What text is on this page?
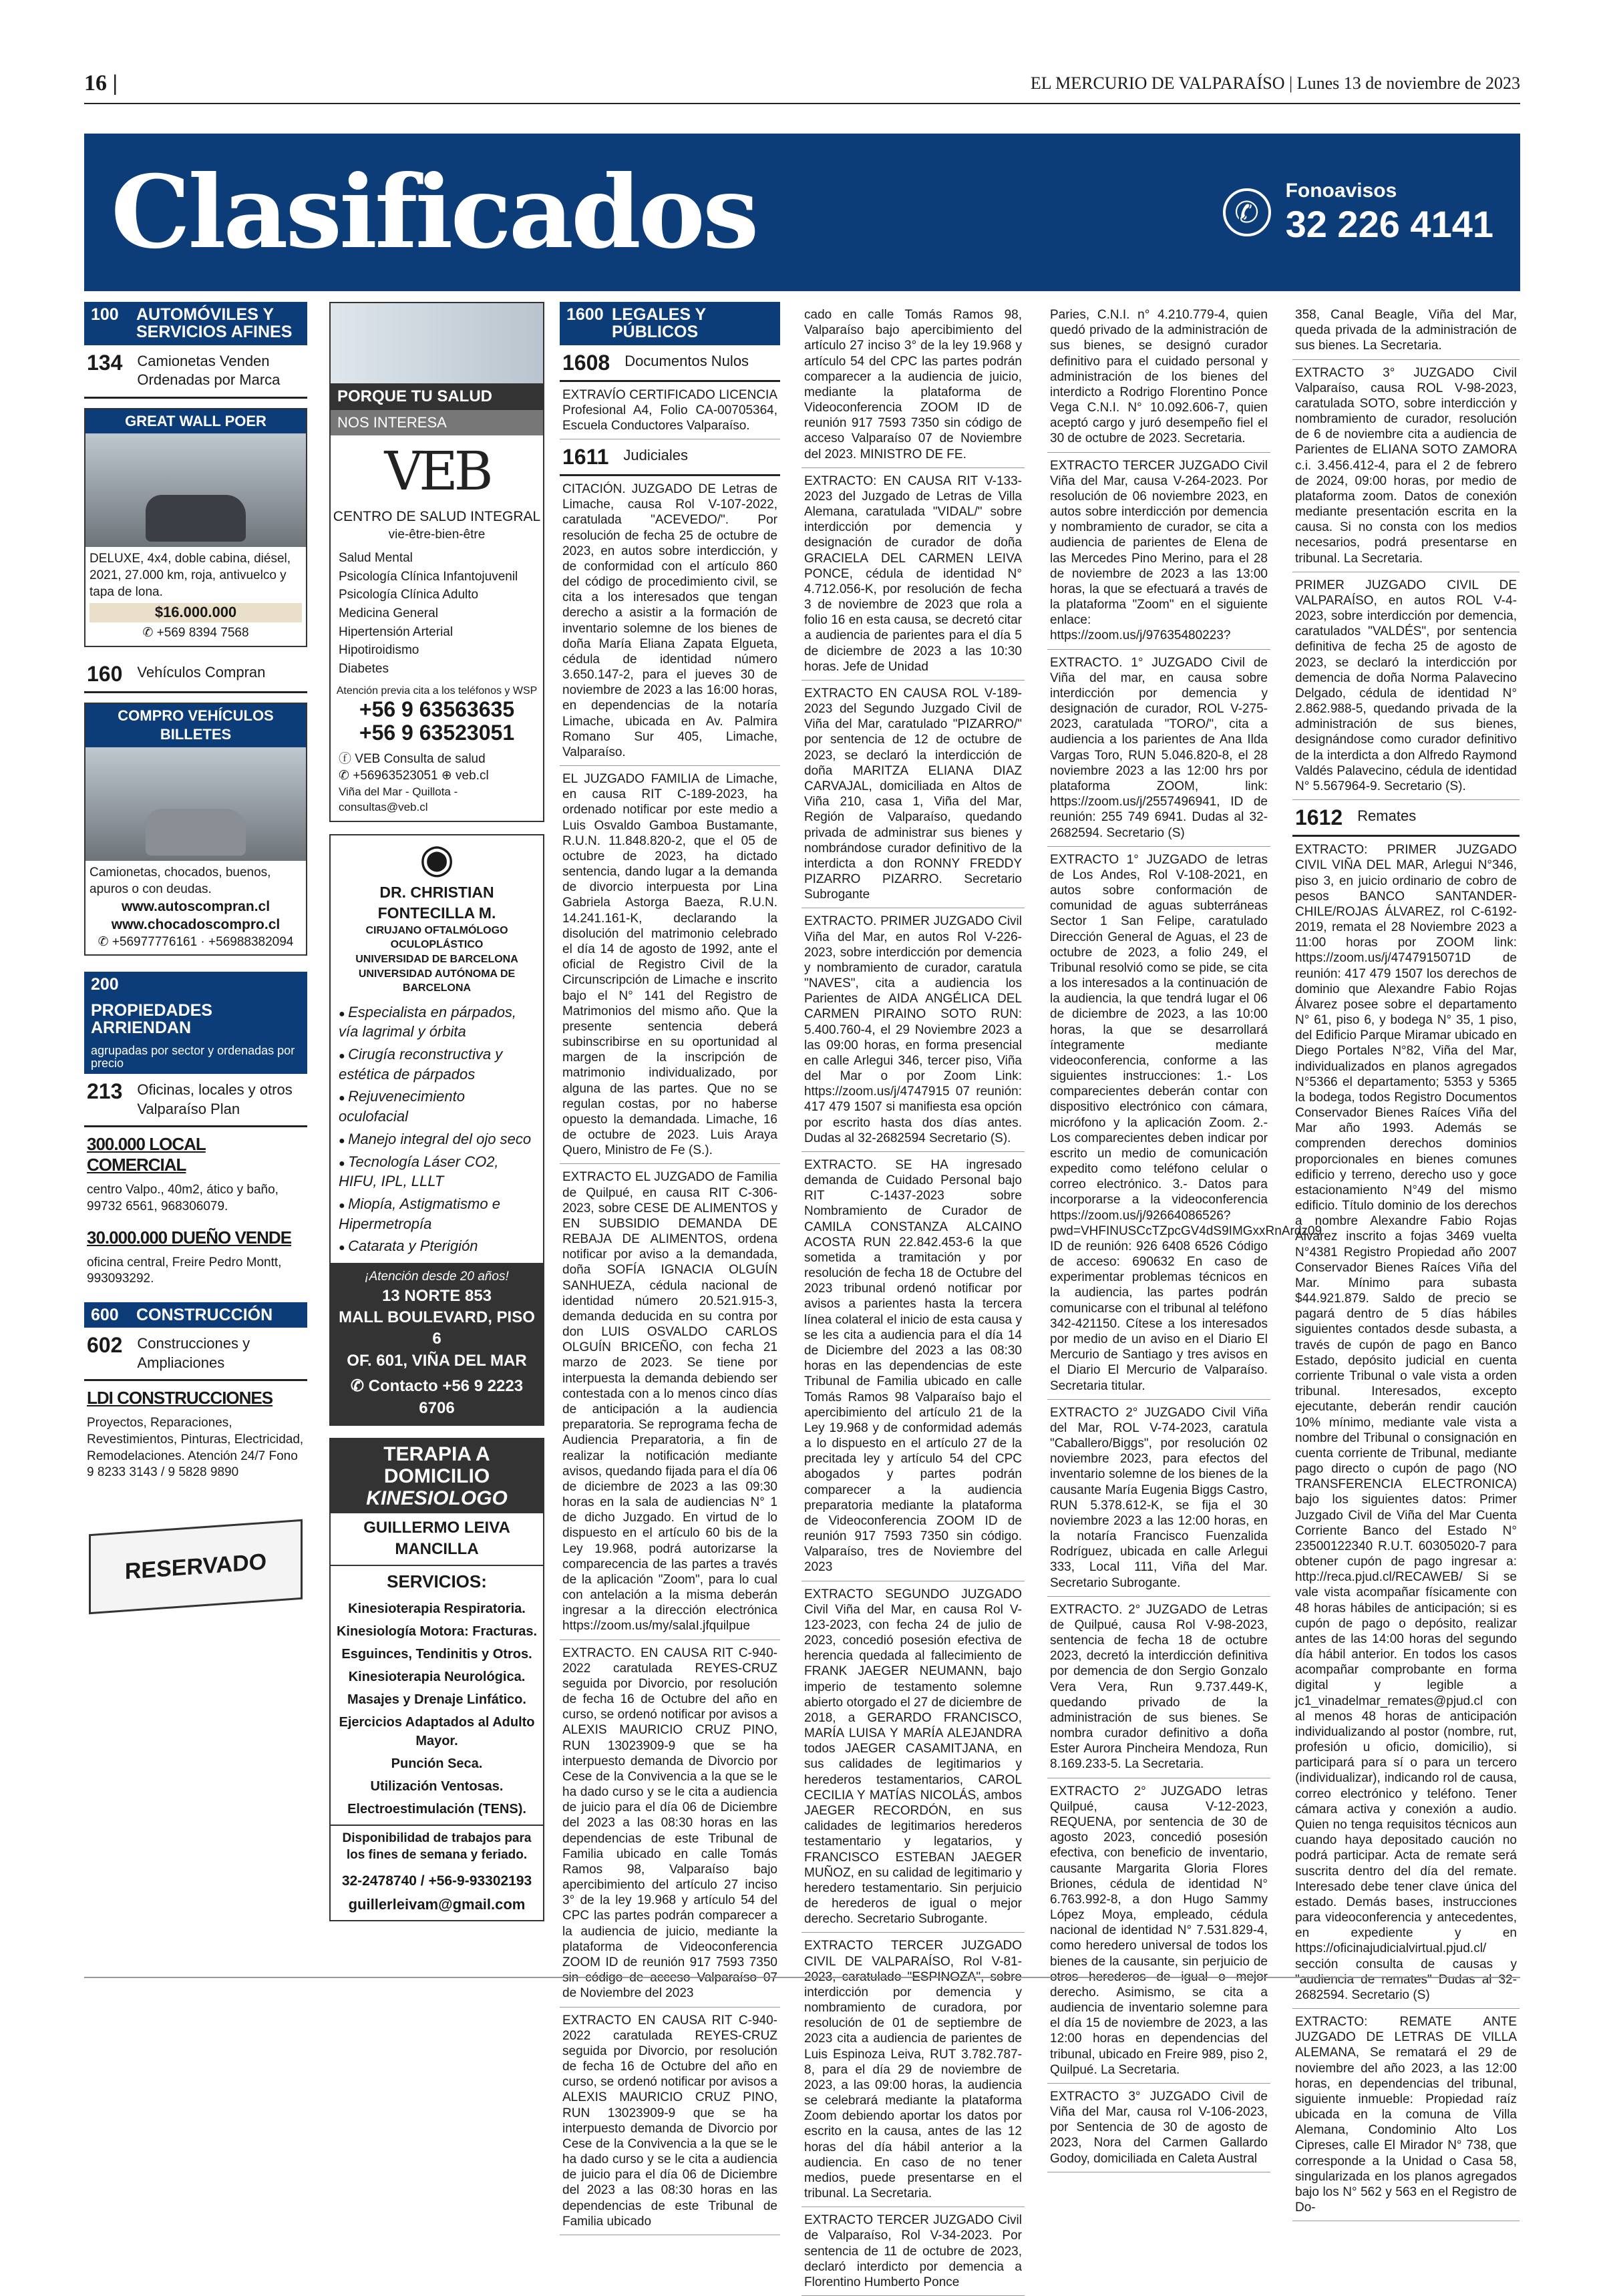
16 |	EL MERCURIO DE VALPARAÍSO | Lunes 13 de noviembre de 2023
Clasificados	✆
Fonoavisos
32 226 4141
100	AUTOMÓVILES Y SERVICIOS AFINES
134 Camionetas Venden Ordenadas por Marca
GREAT WALL POER
DELUXE, 4x4, doble cabina, diésel, 2021, 27.000 km, roja, antivuelco y tapa de lona.
$16.000.000
✆ +569 8394 7568
160 Vehículos Compran
COMPRO VEHÍCULOS BILLETES
Camionetas, chocados, buenos, apuros o con deudas.
www.autoscompran.cl
www.chocadoscompro.cl
✆ +56977776161 · +56988382094
200
PROPIEDADES ARRIENDAN
agrupadas por sector y ordenadas por precio
213 Oficinas, locales y otros Valparaíso Plan
300.000 LOCAL COMERCIAL
centro Valpo., 40m2, ático y baño, 99732 6561, 968306079.
30.000.000 DUEÑO VENDE
oficina central, Freire Pedro Montt, 993093292.
600	CONSTRUCCIÓN
602 Construcciones y Ampliaciones
LDI CONSTRUCCIONES
Proyectos, Reparaciones, Revestimientos, Pinturas, Electricidad, Remodelaciones. Atención 24/7 Fono 9 8233 3143 / 9 5828 9890
RESERVADO
PORQUE TU SALUD
NOS INTERESA
VEB
CENTRO DE SALUD INTEGRAL
vie-être-bien-être
Salud Mental
Psicología Clínica Infantojuvenil
Psicología Clínica Adulto
Medicina General
Hipertensión Arterial
Hipotiroidismo
Diabetes
Atención previa cita a los teléfonos y WSP
+56 9 63563635
+56 9 63523051
ⓕ VEB Consulta de salud
✆ +56963523051 ⊕ veb.cl
Viña del Mar - Quillota - consultas@veb.cl
◉
DR. CHRISTIAN FONTECILLA M.
CIRUJANO OFTALMÓLOGO OCULOPLÁSTICO
UNIVERSIDAD DE BARCELONA
UNIVERSIDAD AUTÓNOMA DE BARCELONA
● Especialista en párpados, vía lagrimal y órbita
● Cirugía reconstructiva y estética de párpados
● Rejuvenecimiento oculofacial
● Manejo integral del ojo seco
● Tecnología Láser CO2, HIFU, IPL, LLLT
● Miopía, Astigmatismo e Hipermetropía
● Catarata y Pterigión
¡Atención desde 20 años!
13 NORTE 853
MALL BOULEVARD, PISO 6
OF. 601, VIÑA DEL MAR
✆ Contacto +56 9 2223 6706
TERAPIA A DOMICILIO
KINESIOLOGO
GUILLERMO LEIVA MANCILLA
SERVICIOS:
Kinesioterapia Respiratoria.
Kinesiología Motora: Fracturas.
Esguinces, Tendinitis y Otros.
Kinesioterapia Neurológica.
Masajes y Drenaje Linfático.
Ejercicios Adaptados al Adulto Mayor.
Punción Seca.
Utilización Ventosas.
Electroestimulación (TENS).
Disponibilidad de trabajos para los fines de semana y feriado.
32-2478740 / +56-9-93302193
guillerleivam@gmail.com
1600 LEGALES Y PÚBLICOS
1608 Documentos Nulos
EXTRAVÍO CERTIFICADO LICENCIA Profesional A4, Folio CA-00705364, Escuela Conductores Valparaíso.
1611 Judiciales
CITACIÓN. JUZGADO DE Letras de Limache, causa Rol V-107-2022, caratulada "ACEVEDO/". Por resolución de fecha 25 de octubre de 2023, en autos sobre interdicción, y de conformidad con el artículo 860 del código de procedimiento civil, se cita a los interesados que tengan derecho a asistir a la formación de inventario solemne de los bienes de doña María Eliana Zapata Elgueta, cédula de identidad número 3.650.147-2, para el jueves 30 de noviembre de 2023 a las 16:00 horas, en dependencias de la notaría Limache, ubicada en Av. Palmira Romano Sur 405, Limache, Valparaíso.
EL JUZGADO FAMILIA de Limache, en causa RIT C-189-2023, ha ordenado notificar por este medio a Luis Osvaldo Gamboa Bustamante, R.U.N. 11.848.820-2, que el 05 de octubre de 2023, ha dictado sentencia, dando lugar a la demanda de divorcio interpuesta por Lina Gabriela Astorga Baeza, R.U.N. 14.241.161-K, declarando la disolución del matrimonio celebrado el día 14 de agosto de 1992, ante el oficial de Registro Civil de la Circunscripción de Limache e inscrito bajo el N° 141 del Registro de Matrimonios del mismo año. Que la presente sentencia deberá subinscribirse en su oportunidad al margen de la inscripción de matrimonio individualizado, por alguna de las partes. Que no se regulan costas, por no haberse opuesto la demandada. Limache, 16 de octubre de 2023. Luis Araya Quero, Ministro de Fe (S.).
EXTRACTO EL JUZGADO de Familia de Quilpué, en causa RIT C-306-2023, sobre CESE DE ALIMENTOS y EN SUBSIDIO DEMANDA DE REBAJA DE ALIMENTOS, ordena notificar por aviso a la demandada, doña SOFÍA IGNACIA OLGUÍN SANHUEZA, cédula nacional de identidad número 20.521.915-3, demanda deducida en su contra por don LUIS OSVALDO CARLOS OLGUÍN BRICEÑO, con fecha 21 marzo de 2023. Se tiene por interpuesta la demanda debiendo ser contestada con a lo menos cinco días de anticipación a la audiencia preparatoria. Se reprograma fecha de Audiencia Preparatoria, a fin de realizar la notificación mediante avisos, quedando fijada para el día 06 de diciembre de 2023 a las 09:30 horas en la sala de audiencias N° 1 de dicho Juzgado. En virtud de lo dispuesto en el artículo 60 bis de la Ley 19.968, podrá autorizarse la comparecencia de las partes a través de la aplicación "Zoom", para lo cual con antelación a la misma deberán ingresar a la dirección electrónica https://zoom.us/my/salaI.jfquilpue
EXTRACTO. EN CAUSA RIT C-940-2022 caratulada REYES-CRUZ seguida por Divorcio, por resolución de fecha 16 de Octubre del año en curso, se ordenó notificar por avisos a ALEXIS MAURICIO CRUZ PINO, RUN 13023909-9 que se ha interpuesto demanda de Divorcio por Cese de la Convivencia a la que se le ha dado curso y se le cita a audiencia de juicio para el día 06 de Diciembre del 2023 a las 08:30 horas en las dependencias de este Tribunal de Familia ubicado en calle Tomás Ramos 98, Valparaíso bajo apercibimiento del artículo 27 inciso 3° de la ley 19.968 y artículo 54 del CPC las partes podrán comparecer a la audiencia de juicio, mediante la plataforma de Videoconferencia ZOOM ID de reunión 917 7593 7350 sin código de acceso Valparaíso 07 de Noviembre del 2023
EXTRACTO EN CAUSA RIT C-940-2022 caratulada REYES-CRUZ seguida por Divorcio, por resolución de fecha 16 de Octubre del año en curso, se ordenó notificar por avisos a ALEXIS MAURICIO CRUZ PINO, RUN 13023909-9 que se ha interpuesto demanda de Divorcio por Cese de la Convivencia a la que se le ha dado curso y se le cita a audiencia de juicio para el día 06 de Diciembre del 2023 a las 08:30 horas en las dependencias de este Tribunal de Familia ubicado
cado en calle Tomás Ramos 98, Valparaíso bajo apercibimiento del artículo 27 inciso 3° de la ley 19.968 y artículo 54 del CPC las partes podrán comparecer a la audiencia de juicio, mediante la plataforma de Videoconferencia ZOOM ID de reunión 917 7593 7350 sin código de acceso Valparaíso 07 de Noviembre del 2023. MINISTRO DE FE.
EXTRACTO: EN CAUSA RIT V-133-2023 del Juzgado de Letras de Villa Alemana, caratulada "VIDAL/" sobre interdicción por demencia y designación de curador de doña GRACIELA DEL CARMEN LEIVA PONCE, cédula de identidad N° 4.712.056-K, por resolución de fecha 3 de noviembre de 2023 que rola a folio 16 en esta causa, se decretó citar a audiencia de parientes para el día 5 de diciembre de 2023 a las 10:30 horas. Jefe de Unidad
EXTRACTO EN CAUSA ROL V-189-2023 del Segundo Juzgado Civil de Viña del Mar, caratulado "PIZARRO/" por sentencia de 12 de octubre de 2023, se declaró la interdicción de doña MARITZA ELIANA DIAZ CARVAJAL, domiciliada en Altos de Viña 210, casa 1, Viña del Mar, Región de Valparaíso, quedando privada de administrar sus bienes y nombrándose curador definitivo de la interdicta a don RONNY FREDDY PIZARRO PIZARRO. Secretario Subrogante
EXTRACTO. PRIMER JUZGADO Civil Viña del Mar, en autos Rol V-226-2023, sobre interdicción por demencia y nombramiento de curador, caratula "NAVES", cita a audiencia los Parientes de AIDA ANGÉLICA DEL CARMEN PIRAINO SOTO RUN: 5.400.760-4, el 29 Noviembre 2023 a las 09:00 horas, en forma presencial en calle Arlegui 346, tercer piso, Viña del Mar o por Zoom Link: https://zoom.us/j/4747915 07 reunión: 417 479 1507 si manifiesta esa opción por escrito hasta dos días antes. Dudas al 32-2682594 Secretario (S).
EXTRACTO. SE HA ingresado demanda de Cuidado Personal bajo RIT C-1437-2023 sobre Nombramiento de Curador de CAMILA CONSTANZA ALCAINO ACOSTA RUN 22.842.453-6 la que sometida a tramitación y por resolución de fecha 18 de Octubre del 2023 tribunal ordenó notificar por avisos a parientes hasta la tercera línea colateral el inicio de esta causa y se les cita a audiencia para el día 14 de Diciembre del 2023 a las 08:30 horas en las dependencias de este Tribunal de Familia ubicado en calle Tomás Ramos 98 Valparaíso bajo el apercibimiento del artículo 21 de la Ley 19.968 y de conformidad además a lo dispuesto en el artículo 27 de la precitada ley y artículo 54 del CPC abogados y partes podrán comparecer a la audiencia preparatoria mediante la plataforma de Videoconferencia ZOOM ID de reunión 917 7593 7350 sin código. Valparaíso, tres de Noviembre del 2023
EXTRACTO SEGUNDO JUZGADO Civil Viña del Mar, en causa Rol V-123-2023, con fecha 24 de julio de 2023, concedió posesión efectiva de herencia quedada al fallecimiento de FRANK JAEGER NEUMANN, bajo imperio de testamento solemne abierto otorgado el 27 de diciembre de 2018, a GERARDO FRANCISCO, MARÍA LUISA Y MARÍA ALEJANDRA todos JAEGER CASAMITJANA, en sus calidades de legitimarios y herederos testamentarios, CAROL CECILIA Y MATÍAS NICOLÁS, ambos JAEGER RECORDÓN, en sus calidades de legitimarios herederos testamentario y legatarios, y FRANCISCO ESTEBAN JAEGER MUÑOZ, en su calidad de legitimario y heredero testamentario. Sin perjuicio de herederos de igual o mejor derecho. Secretario Subrogante.
EXTRACTO TERCER JUZGADO CIVIL DE VALPARAÍSO, Rol V-81-2023, caratulado "ESPINOZA", sobre interdicción por demencia y nombramiento de curadora, por resolución de 01 de septiembre de 2023 cita a audiencia de parientes de Luis Espinoza Leiva, RUT 3.782.787-8, para el día 29 de noviembre de 2023, a las 09:00 horas, la audiencia se celebrará mediante la plataforma Zoom debiendo aportar los datos por escrito en la causa, antes de las 12 horas del día hábil anterior a la audiencia. En caso de no tener medios, puede presentarse en el tribunal. La Secretaria.
EXTRACTO TERCER JUZGADO Civil de Valparaíso, Rol V-34-2023. Por sentencia de 11 de octubre de 2023, declaró interdicto por demencia a Florentino Humberto Ponce
Paries, C.N.I. n° 4.210.779-4, quien quedó privado de la administración de sus bienes, se designó curador definitivo para el cuidado personal y administración de los bienes del interdicto a Rodrigo Florentino Ponce Vega C.N.I. N° 10.092.606-7, quien aceptó cargo y juró desempeño fiel el 30 de octubre de 2023. Secretaria.
EXTRACTO TERCER JUZGADO Civil Viña del Mar, causa V-264-2023. Por resolución de 06 noviembre 2023, en autos sobre interdicción por demencia y nombramiento de curador, se cita a audiencia de parientes de Elena de las Mercedes Pino Merino, para el 28 de noviembre de 2023 a las 13:00 horas, la que se efectuará a través de la plataforma "Zoom" en el siguiente enlace: https://zoom.us/j/97635480223?
EXTRACTO. 1° JUZGADO Civil de Viña del mar, en causa sobre interdicción por demencia y designación de curador, ROL V-275-2023, caratulada "TORO/", cita a audiencia a los parientes de Ana Ilda Vargas Toro, RUN 5.046.820-8, el 28 noviembre 2023 a las 12:00 hrs por plataforma ZOOM, link: https://zoom.us/j/2557496941, ID de reunión: 255 749 6941. Dudas al 32-2682594. Secretario (S)
EXTRACTO 1° JUZGADO de letras de Los Andes, Rol V-108-2021, en autos sobre conformación de comunidad de aguas subterráneas Sector 1 San Felipe, caratulado Dirección General de Aguas, el 23 de octubre de 2023, a folio 249, el Tribunal resolvió como se pide, se cita a los interesados a la continuación de la audiencia, la que tendrá lugar el 06 de diciembre de 2023, a las 10:00 horas, la que se desarrollará íntegramente mediante videoconferencia, conforme a las siguientes instrucciones: 1.- Los comparecientes deberán contar con dispositivo electrónico con cámara, micrófono y la aplicación Zoom. 2.- Los comparecientes deben indicar por escrito un medio de comunicación expedito como teléfono celular o correo electrónico. 3.- Datos para incorporarse a la videoconferencia https://zoom.us/j/92664086526?pwd=VHFINUSCcTZpcGV4dS9IMGxxRnArdz09 ID de reunión: 926 6408 6526 Código de acceso: 690632 En caso de experimentar problemas técnicos en la audiencia, las partes podrán comunicarse con el tribunal al teléfono 342-421150. Cítese a los interesados por medio de un aviso en el Diario El Mercurio de Santiago y tres avisos en el Diario El Mercurio de Valparaíso. Secretaria titular.
EXTRACTO 2° JUZGADO Civil Viña del Mar, ROL V-74-2023, caratula "Caballero/Biggs", por resolución 02 noviembre 2023, para efectos del inventario solemne de los bienes de la causante María Eugenia Biggs Castro, RUN 5.378.612-K, se fija el 30 noviembre 2023 a las 12:00 horas, en la notaría Francisco Fuenzalida Rodríguez, ubicada en calle Arlegui 333, Local 111, Viña del Mar. Secretario Subrogante.
EXTRACTO. 2° JUZGADO de Letras de Quilpué, causa Rol V-98-2023, sentencia de fecha 18 de octubre 2023, decretó la interdicción definitiva por demencia de don Sergio Gonzalo Vera Vera, Run 9.737.449-K, quedando privado de la administración de sus bienes. Se nombra curador definitivo a doña Ester Aurora Pincheira Mendoza, Run 8.169.233-5. La Secretaria.
EXTRACTO 2° JUZGADO letras Quilpué, causa V-12-2023, REQUENA, por sentencia de 30 de agosto 2023, concedió posesión efectiva, con beneficio de inventario, causante Margarita Gloria Flores Briones, cédula de identidad N° 6.763.992-8, a don Hugo Sammy López Moya, empleado, cédula nacional de identidad N° 7.531.829-4, como heredero universal de todos los bienes de la causante, sin perjuicio de otros herederos de igual o mejor derecho. Asimismo, se cita a audiencia de inventario solemne para el día 15 de noviembre de 2023, a las 12:00 horas en dependencias del tribunal, ubicado en Freire 989, piso 2, Quilpué. La Secretaria.
EXTRACTO 3° JUZGADO Civil de Viña del Mar, causa rol V-106-2023, por Sentencia de 30 de agosto de 2023, Nora del Carmen Gallardo Godoy, domiciliada en Caleta Austral
358, Canal Beagle, Viña del Mar, queda privada de la administración de sus bienes. La Secretaria.
EXTRACTO 3° JUZGADO Civil Valparaíso, causa ROL V-98-2023, caratulada SOTO, sobre interdicción y nombramiento de curador, resolución de 6 de noviembre cita a audiencia de Parientes de ELIANA SOTO ZAMORA c.i. 3.456.412-4, para el 2 de febrero de 2024, 09:00 horas, por medio de plataforma zoom. Datos de conexión mediante presentación escrita en la causa. Si no consta con los medios necesarios, podrá presentarse en tribunal. La Secretaria.
PRIMER JUZGADO CIVIL DE VALPARAÍSO, en autos ROL V-4-2023, sobre interdicción por demencia, caratulados "VALDÉS", por sentencia definitiva de fecha 25 de agosto de 2023, se declaró la interdicción por demencia de doña Norma Palavecino Delgado, cédula de identidad N° 2.862.988-5, quedando privada de la administración de sus bienes, designándose como curador definitivo de la interdicta a don Alfredo Raymond Valdés Palavecino, cédula de identidad N° 5.567964-9. Secretario (S).
1612 Remates
EXTRACTO: PRIMER JUZGADO CIVIL VIÑA DEL MAR, Arlegui N°346, piso 3, en juicio ordinario de cobro de pesos BANCO SANTANDER-CHILE/ROJAS ÁLVAREZ, rol C-6192-2019, remata el 28 Noviembre 2023 a 11:00 horas por ZOOM link: https://zoom.us/j/4747915071D de reunión: 417 479 1507 los derechos de dominio que Alexandre Fabio Rojas Álvarez posee sobre el departamento N° 61, piso 6, y bodega N° 35, 1 piso, del Edificio Parque Miramar ubicado en Diego Portales N°82, Viña del Mar, individualizados en planos agregados N°5366 el departamento; 5353 y 5365 la bodega, todos Registro Documentos Conservador Bienes Raíces Viña del Mar año 1993. Además se comprenden derechos dominios proporcionales en bienes comunes edificio y terreno, derecho uso y goce estacionamiento N°49 del mismo edificio. Título dominio de los derechos a nombre Alexandre Fabio Rojas Álvarez inscrito a fojas 3469 vuelta N°4381 Registro Propiedad año 2007 Conservador Bienes Raíces Viña del Mar. Mínimo para subasta $44.921.879. Saldo de precio se pagará dentro de 5 días hábiles siguientes contados desde subasta, a través de cupón de pago en Banco Estado, depósito judicial en cuenta corriente Tribunal o vale vista a orden tribunal. Interesados, excepto ejecutante, deberán rendir caución 10% mínimo, mediante vale vista a nombre del Tribunal o consignación en cuenta corriente de Tribunal, mediante pago directo o cupón de pago (NO TRANSFERENCIA ELECTRONICA) bajo los siguientes datos: Primer Juzgado Civil de Viña del Mar Cuenta Corriente Banco del Estado N° 23500122340 R.U.T. 60305020-7 para obtener cupón de pago ingresar a: http://reca.pjud.cl/RECAWEB/ Si se vale vista acompañar físicamente con 48 horas hábiles de anticipación; si es cupón de pago o depósito, realizar antes de las 14:00 horas del segundo día hábil anterior. En todos los casos acompañar comprobante en forma digital y legible a jc1_vinadelmar_remates@pjud.cl con al menos 48 horas de anticipación individualizando al postor (nombre, rut, profesión u oficio, domicilio), si participará para sí o para un tercero (individualizar), indicando rol de causa, correo electrónico y teléfono. Tener cámara activa y conexión a audio. Quien no tenga requisitos técnicos aun cuando haya depositado caución no podrá participar. Acta de remate será suscrita dentro del día del remate. Interesado debe tener clave única del estado. Demás bases, instrucciones para videoconferencia y antecedentes, en expediente y en https://oficinajudicialvirtual.pjud.cl/ sección consulta de causas y "audiencia de remates" Dudas al 32-2682594. Secretario (S)
EXTRACTO: REMATE ANTE JUZGADO DE LETRAS DE VILLA ALEMANA, Se rematará el 29 de noviembre del año 2023, a las 12:00 horas, en dependencias del tribunal, siguiente inmueble: Propiedad raíz ubicada en la comuna de Villa Alemana, Condominio Alto Los Cipreses, calle El Mirador N° 738, que corresponde a la Unidad o Casa 58, singularizada en los planos agregados bajo los N° 562 y 563 en el Registro de Do-
